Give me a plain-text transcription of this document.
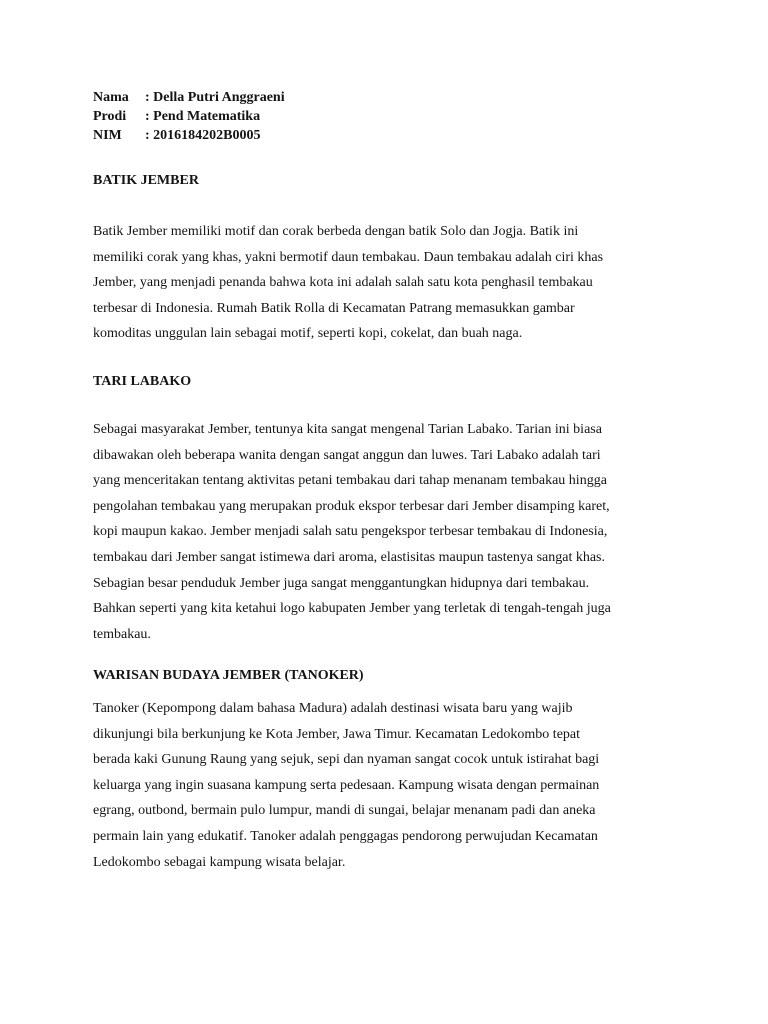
Nama	: Della Putri Anggraeni
Prodi	: Pend Matematika
NIM	: 2016184202B0005
BATIK JEMBER
Batik Jember memiliki motif dan corak berbeda dengan batik Solo dan Jogja. Batik ini
memiliki corak yang khas, yakni bermotif daun tembakau. Daun tembakau adalah ciri khas
Jember, yang menjadi penanda bahwa kota ini adalah salah satu kota penghasil tembakau
terbesar di Indonesia. Rumah Batik Rolla di Kecamatan Patrang memasukkan gambar
komoditas unggulan lain sebagai motif, seperti kopi, cokelat, dan buah naga.
TARI LABAKO
Sebagai masyarakat Jember, tentunya kita sangat mengenal Tarian Labako. Tarian ini biasa
dibawakan oleh beberapa wanita dengan sangat anggun dan luwes. Tari Labako adalah tari
yang menceritakan tentang aktivitas petani tembakau dari tahap menanam tembakau hingga
pengolahan tembakau yang merupakan produk ekspor terbesar dari Jember disamping karet,
kopi maupun kakao. Jember menjadi salah satu pengekspor terbesar tembakau di Indonesia,
tembakau dari Jember sangat istimewa dari aroma, elastisitas maupun tastenya sangat khas.
Sebagian besar penduduk Jember juga sangat menggantungkan hidupnya dari tembakau.
Bahkan seperti yang kita ketahui logo kabupaten Jember yang terletak di tengah-tengah juga
tembakau.
WARISAN BUDAYA JEMBER (TANOKER)
Tanoker (Kepompong dalam bahasa Madura) adalah destinasi wisata baru yang wajib
dikunjungi bila berkunjung ke Kota Jember, Jawa Timur. Kecamatan Ledokombo tepat
berada kaki Gunung Raung yang sejuk, sepi dan nyaman sangat cocok untuk istirahat bagi
keluarga yang ingin suasana kampung serta pedesaan. Kampung wisata dengan permainan
egrang, outbond, bermain pulo lumpur, mandi di sungai, belajar menanam padi dan aneka
permain lain yang edukatif. Tanoker adalah penggagas pendorong perwujudan Kecamatan
Ledokombo sebagai kampung wisata belajar.
